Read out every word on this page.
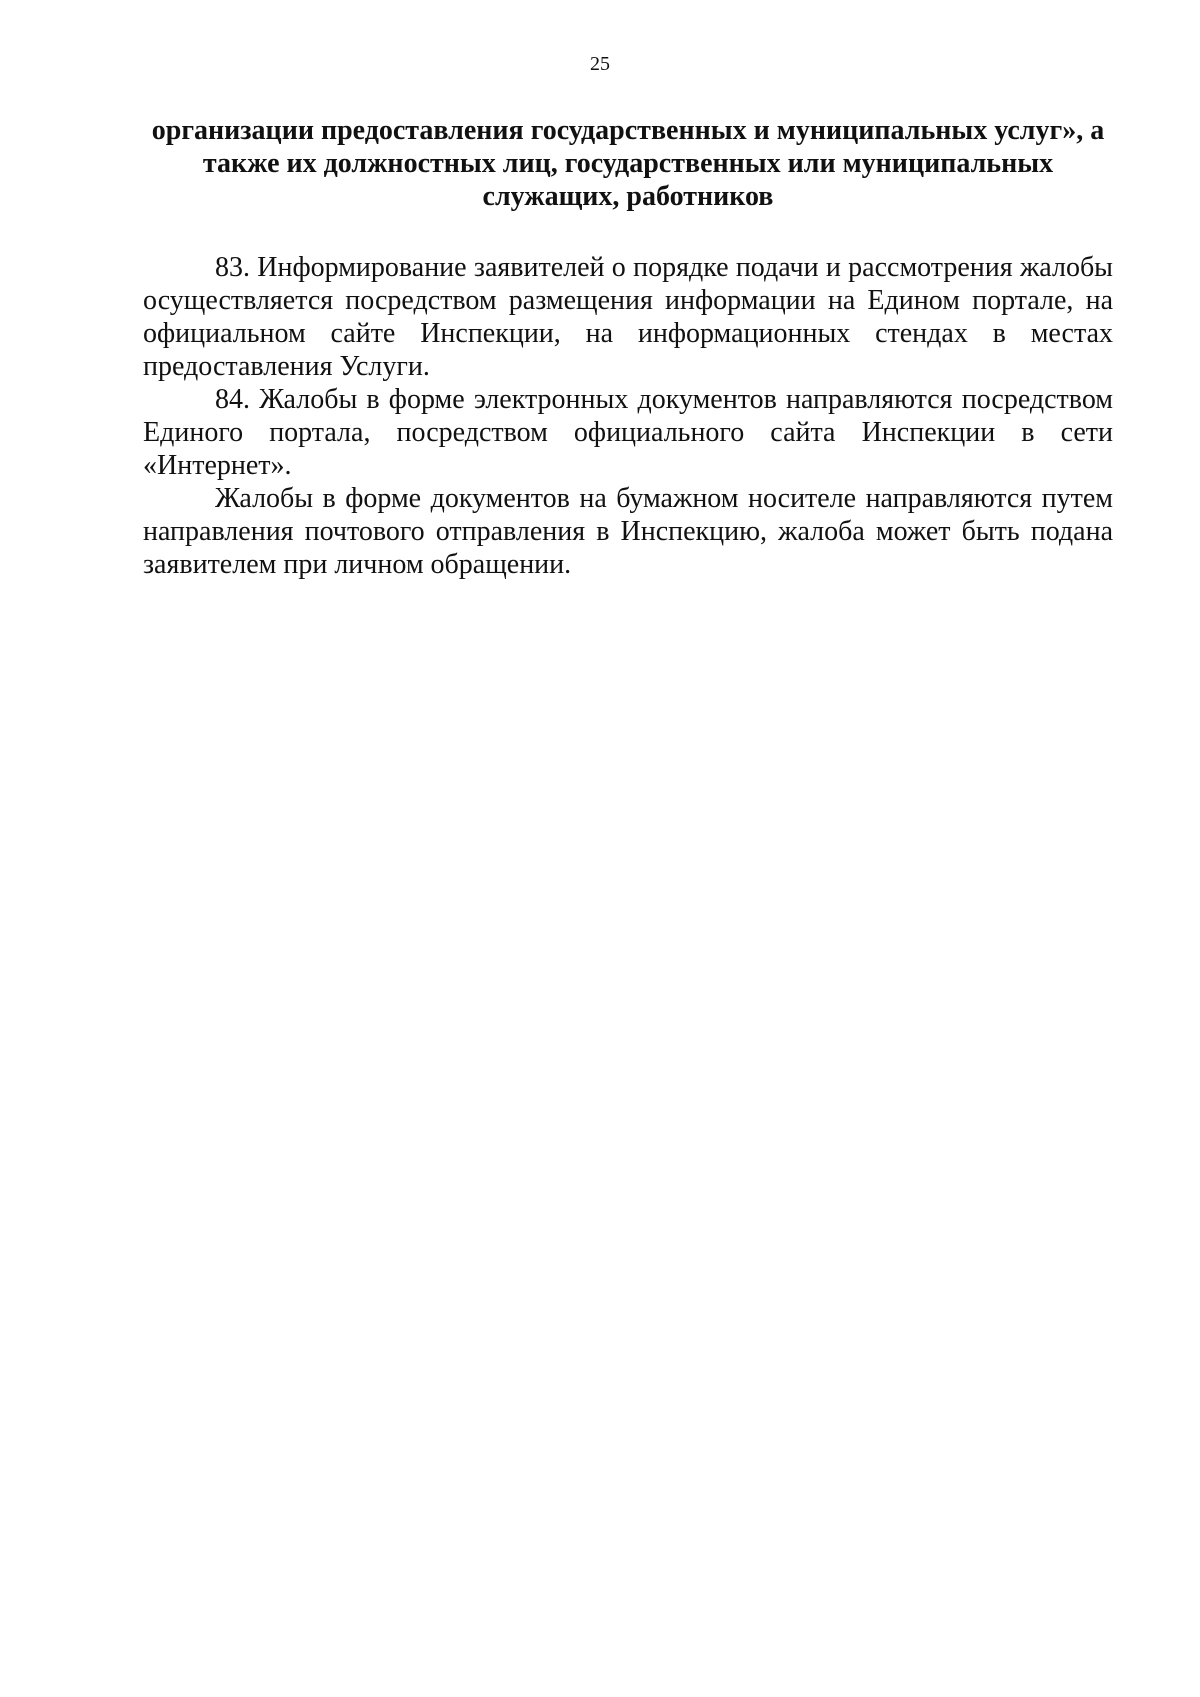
25
организации предоставления государственных и муниципальных услуг», а
также их должностных лиц, государственных или муниципальных
служащих, работников

83. Информирование заявителей о порядке подачи и рассмотрения жалобы осуществляется посредством размещения информации на Едином портале, на официальном сайте Инспекции, на информационных стендах в местах предоставления Услуги.

84. Жалобы в форме электронных документов направляются посредством Единого портала, посредством официального сайта Инспекции в сети «Интернет».

Жалобы в форме документов на бумажном носителе направляются путем направления почтового отправления в Инспекцию, жалоба может быть подана заявителем при личном обращении.
